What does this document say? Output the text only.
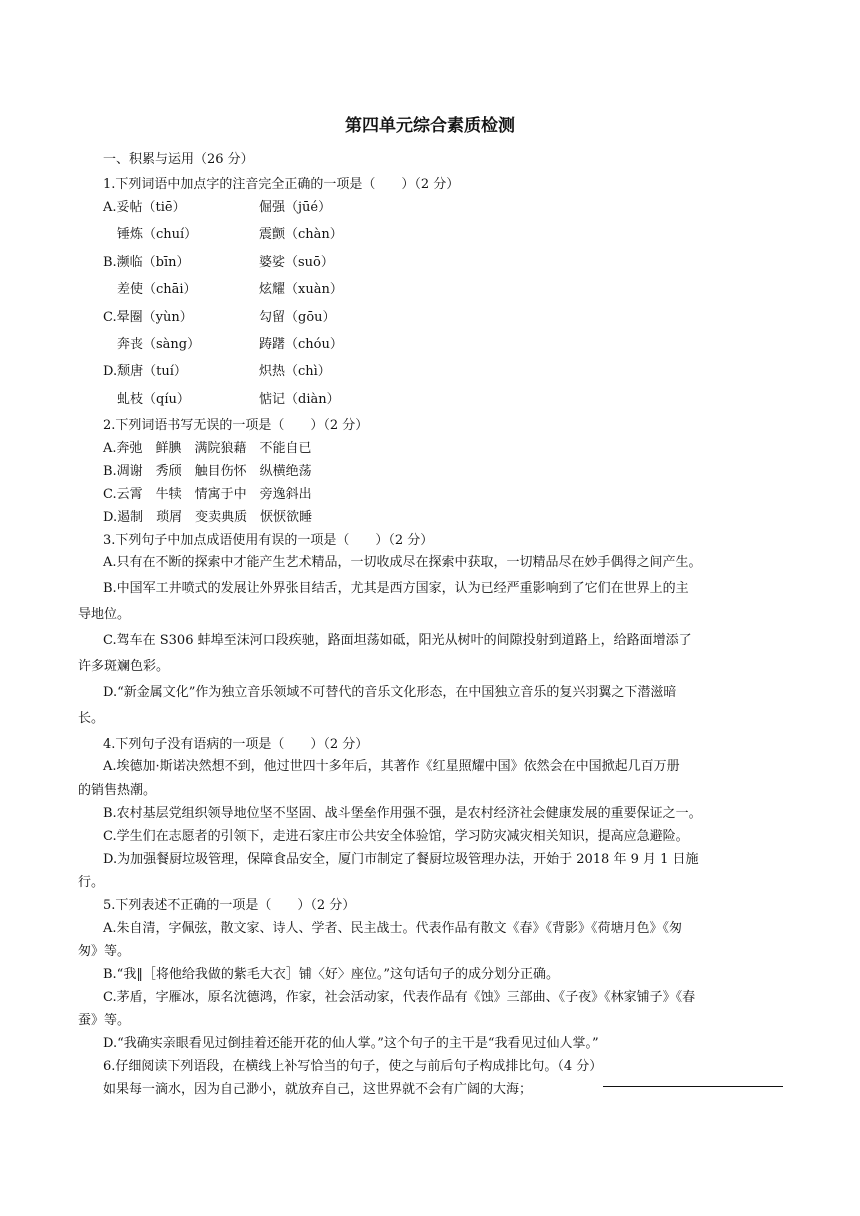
第四单元综合素质检测
一、积累与运用（26 分）
1.下列词语中加点字的注音完全正确的一项是（　　）（2 分）
A.妥帖（tiē）	倔强（jūé）
锤炼（chuí）	震颤（chàn）
B.濒临（bīn）	婆娑（suō）
差使（chāi）	炫耀（xuàn）
C.晕圈（yùn）	勾留（gōu）
奔丧（sàng）	踌躇（chóu）
D.颓唐（tuí）	炽热（chì）
虬枝（qíu）	惦记（diàn）
2.下列词语书写无误的一项是（　　）（2 分）
A.奔弛　鲜腆　满院狼藉　不能自已
B.凋谢　秀颀　触目伤怀　纵横绝荡
C.云霄　牛犊　情寓于中　旁逸斜出
D.遏制　琐屑　变卖典质　恹恹欲睡
3.下列句子中加点成语使用有误的一项是（　　）（2 分）
A.只有在不断的探索中才能产生艺术精品，一切收成尽在探索中获取，一切精品尽在妙手偶得之间产生。
B.中国军工井喷式的发展让外界张目结舌，尤其是西方国家，认为已经严重影响到了它们在世界上的主
导地位。
C.驾车在 S306 蚌埠至沫河口段疾驰，路面坦荡如砥，阳光从树叶的间隙投射到道路上，给路面增添了
许多斑斓色彩。
D.“新金属文化”作为独立音乐领域不可替代的音乐文化形态，在中国独立音乐的复兴羽翼之下潜滋暗
长。
4.下列句子没有语病的一项是（　　）（2 分）
A.埃德加·斯诺决然想不到，他过世四十多年后，其著作《红星照耀中国》依然会在中国掀起几百万册
的销售热潮。
B.农村基层党组织领导地位坚不坚固、战斗堡垒作用强不强，是农村经济社会健康发展的重要保证之一。
C.学生们在志愿者的引领下，走进石家庄市公共安全体验馆，学习防灾减灾相关知识，提高应急避险。
D.为加强餐厨垃圾管理，保障食品安全，厦门市制定了餐厨垃圾管理办法，开始于 2018 年 9 月 1 日施
行。
5.下列表述不正确的一项是（　　）（2 分）
A.朱自清，字佩弦，散文家、诗人、学者、民主战士。代表作品有散文《春》《背影》《荷塘月色》《匆
匆》等。
B.“我‖［将他给我做的紫毛大衣］铺〈好〉座位。”这句话句子的成分划分正确。
C.茅盾，字雁冰，原名沈德鸿，作家，社会活动家，代表作品有《蚀》三部曲、《子夜》《林家铺子》《春
蚕》等。
D.“我确实亲眼看见过倒挂着还能开花的仙人掌。”这个句子的主干是“我看见过仙人掌。”
6.仔细阅读下列语段，在横线上补写恰当的句子，使之与前后句子构成排比句。（4 分）
如果每一滴水，因为自己渺小，就放弃自己，这世界就不会有广阔的大海；
